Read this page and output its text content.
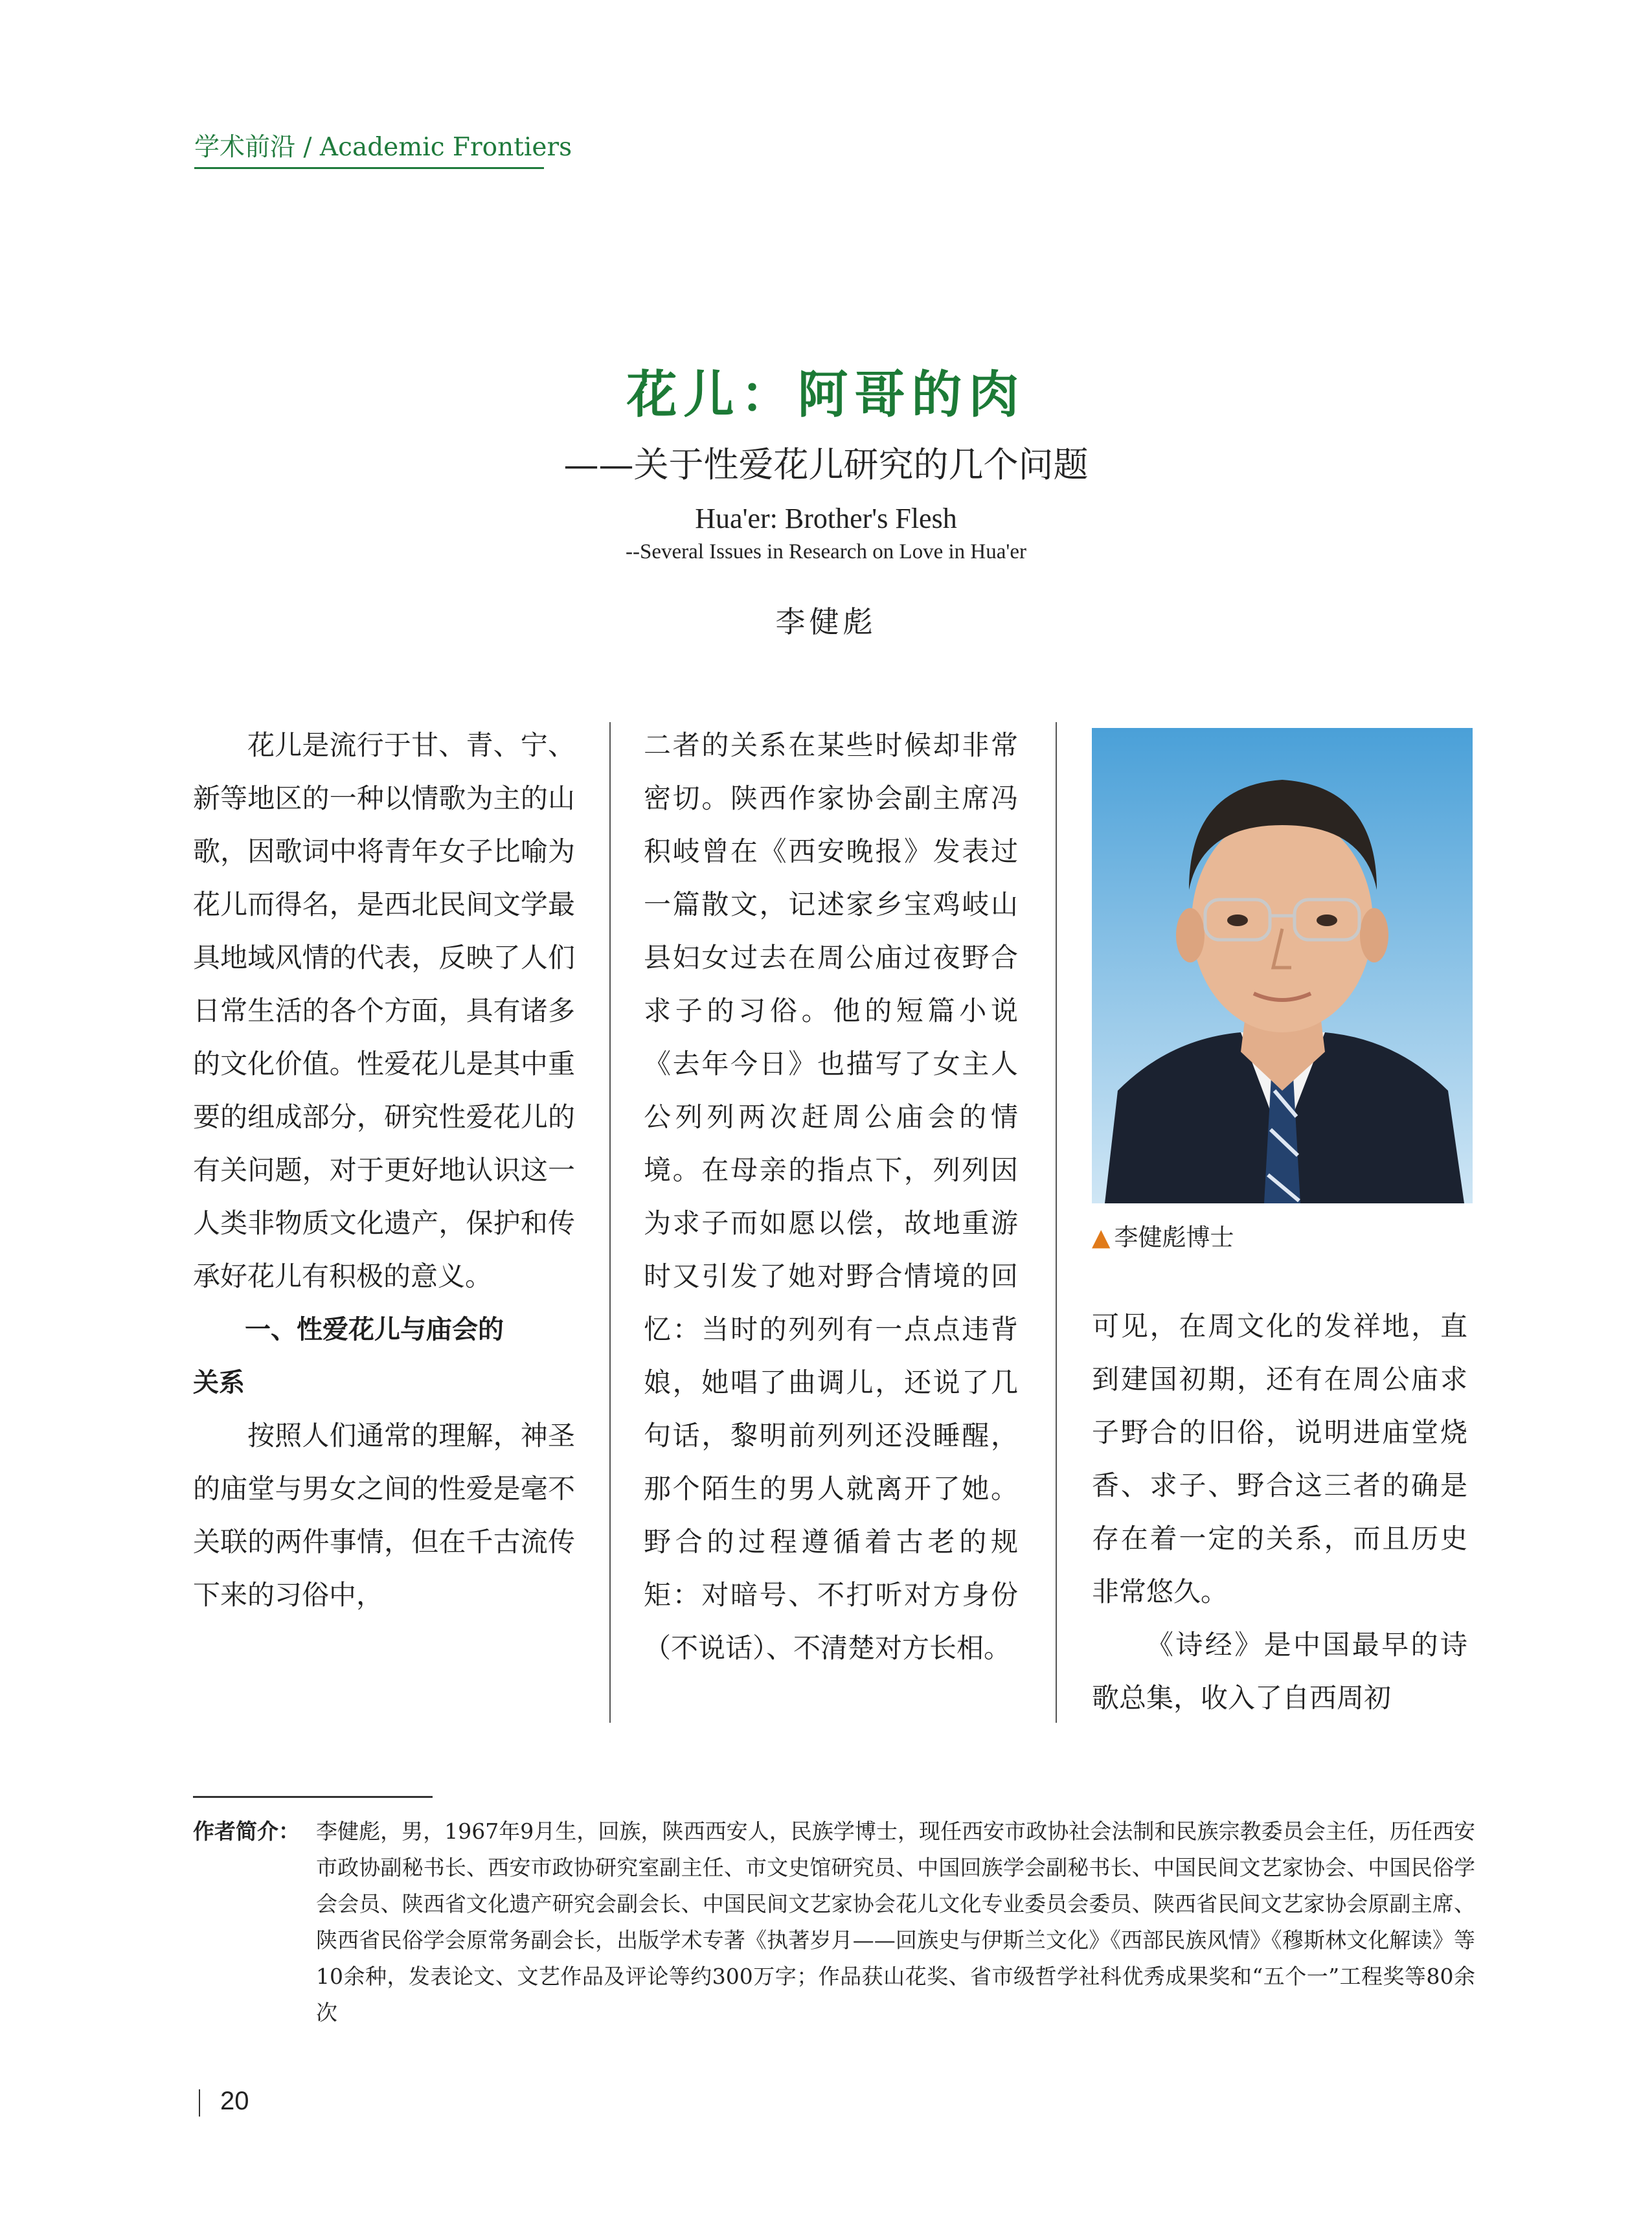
学术前沿 / Academic Frontiers
花儿：阿哥的肉
——关于性爱花儿研究的几个问题
Hua'er: Brother's Flesh
--Several Issues in Research on Love in Hua'er
李健彪

花儿是流行于甘、青、宁、新等地区的一种以情歌为主的山歌，因歌词中将青年女子比喻为花儿而得名，是西北民间文学最具地域风情的代表，反映了人们日常生活的各个方面，具有诸多的文化价值。性爱花儿是其中重要的组成部分，研究性爱花儿的有关问题，对于更好地认识这一人类非物质文化遗产，保护和传承好花儿有积极的意义。

一、性爱花儿与庙会的
关系

按照人们通常的理解，神圣的庙堂与男女之间的性爱是毫不关联的两件事情，但在千古流传下来的习俗中，

二者的关系在某些时候却非常密切。陕西作家协会副主席冯积岐曾在《西安晚报》发表过一篇散文，记述家乡宝鸡岐山县妇女过去在周公庙过夜野合求子的习俗。他的短篇小说《去年今日》也描写了女主人公列列两次赶周公庙会的情境。在母亲的指点下，列列因为求子而如愿以偿，故地重游时又引发了她对野合情境的回忆：当时的列列有一点点违背娘，她唱了曲调儿，还说了几句话，黎明前列列还没睡醒，那个陌生的男人就离开了她。野合的过程遵循着古老的规矩：对暗号、不打听对方身份（不说话）、不清楚对方长相。

▲ 李健彪博士

可见，在周文化的发祥地，直到建国初期，还有在周公庙求子野合的旧俗，说明进庙堂烧香、求子、野合这三者的确是存在着一定的关系，而且历史非常悠久。

《诗经》是中国最早的诗歌总集，收入了自西周初

作者简介： 李健彪，男，1967年9月生，回族，陕西西安人，民族学博士，现任西安市政协社会法制和民族宗教委员会主任，历任西安市政协副秘书长、西安市政协研究室副主任、市文史馆研究员、中国回族学会副秘书长、中国民间文艺家协会、中国民俗学会会员、陕西省文化遗产研究会副会长、中国民间文艺家协会花儿文化专业委员会委员、陕西省民间文艺家协会原副主席、陕西省民俗学会原常务副会长，出版学术专著《执著岁月——回族史与伊斯兰文化》《西部民族风情》《穆斯林文化解读》等10余种，发表论文、文艺作品及评论等约300万字；作品获山花奖、省市级哲学社科优秀成果奖和“五个一”工程奖等80余次
20
